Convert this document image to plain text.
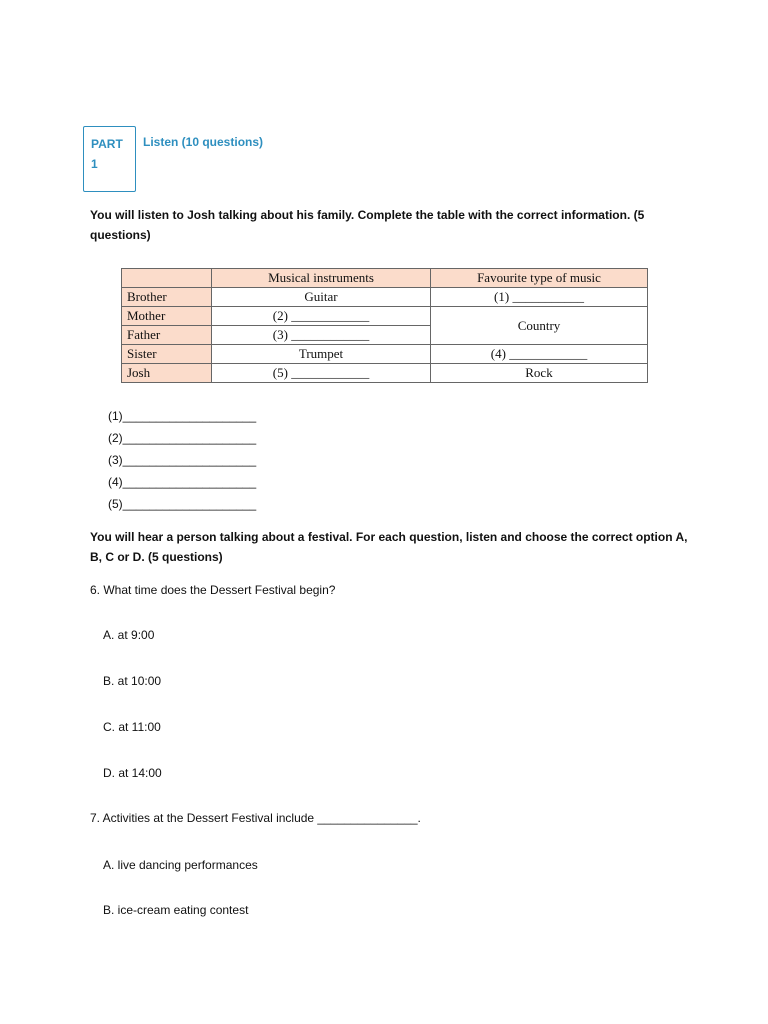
PART
1
Listen (10 questions)
You will listen to Josh talking about his family. Complete the table with the correct information. (5 questions)
	Musical instruments	Favourite type of music
Brother	Guitar	(1) ___________
Mother	(2) ____________	Country
Father	(3) ____________	
Sister	Trumpet	(4) ____________
Josh	(5) ____________	Rock
(1)____________________
(2)____________________
(3)____________________
(4)____________________
(5)____________________
You will hear a person talking about a festival. For each question, listen and choose the correct option A, B, C or D. (5 questions)
6. What time does the Dessert Festival begin?
A. at 9:00
B. at 10:00
C. at 11:00
D. at 14:00
7. Activities at the Dessert Festival include _______________.
A. live dancing performances
B. ice-cream eating contest
